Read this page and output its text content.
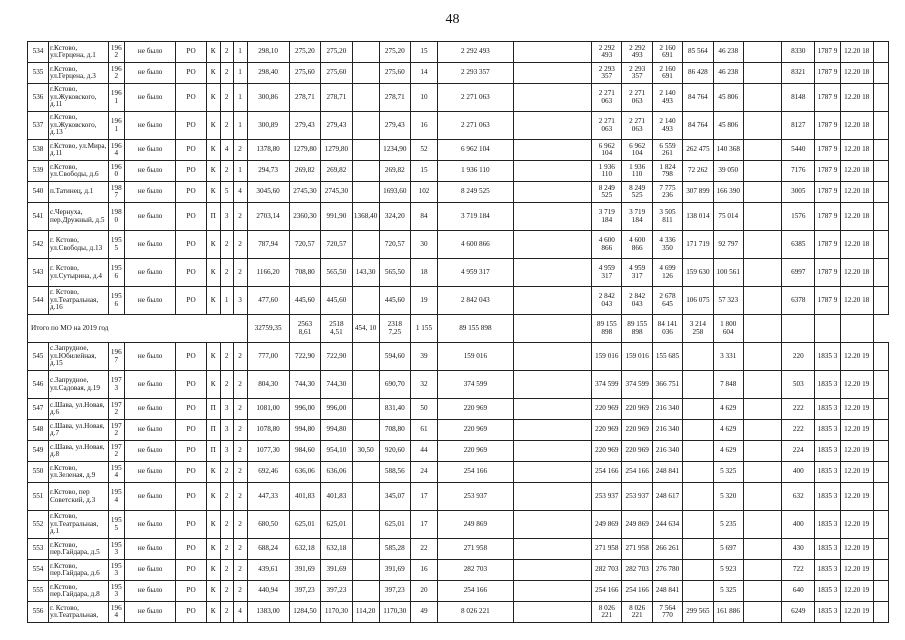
48
534	г.Кстово, ул.Герцена, д.1	1962	не было	РО	К	2	1	298,10	275,20	275,20		275,20	15	2 292 493		2 292 493	2 292 493	2 160 691	85 564	46 238		8330	1787 9	12.20 18	
535	г.Кстово, ул.Герцена, д.3	1962	не было	РО	К	2	1	298,40	275,60	275,60		275,60	14	2 293 357		2 293 357	2 293 357	2 160 691	86 428	46 238		8321	1787 9	12.20 18	
536	г.Кстово, ул.Жуковского, д.11	1961	не было	РО	К	2	1	300,86	278,71	278,71		278,71	10	2 271 063		2 271 063	2 271 063	2 140 493	84 764	45 806		8148	1787 9	12.20 18	
537	г.Кстово, ул.Жуковского, д.13	1961	не было	РО	К	2	1	300,89	279,43	279,43		279,43	16	2 271 063		2 271 063	2 271 063	2 140 493	84 764	45 806		8127	1787 9	12.20 18	
538	г.Кстово, ул.Мира, д.11	1964	не было	РО	К	4	2	1378,80	1279,80	1279,80		1234,90	52	6 962 104		6 962 104	6 962 104	6 559 261	262 475	140 368		5440	1787 9	12.20 18	
539	г.Кстово, ул.Свободы, д.6	1960	не было	РО	К	2	1	294,73	269,82	269,82		269,82	15	1 936 110		1 936 110	1 936 110	1 824 798	72 262	39 050		7176	1787 9	12.20 18	
540	п.Татинец, д.1	1987	не было	РО	К	5	4	3045,60	2745,30	2745,30		1693,60	102	8 249 525		8 249 525	8 249 525	7 775 236	307 899	166 390		3005	1787 9	12.20 18	
541	с.Чернуха, пер.Дружный, д.5	1980	не было	РО	П	3	2	2703,14	2360,30	991,90	1368,40	324,20	84	3 719 184		3 719 184	3 719 184	3 505 811	138 014	75 014		1576	1787 9	12.20 18	
542	г. Кстово, ул.Свободы, д.13	1955	не было	РО	К	2	2	787,94	720,57	720,57		720,57	30	4 600 866		4 600 866	4 600 866	4 336 350	171 719	92 797		6385	1787 9	12.20 18	
543	г. Кстово, ул.Сутырина, д.4	1956	не было	РО	К	2	2	1166,20	708,80	565,50	143,30	565,50	18	4 959 317		4 959 317	4 959 317	4 699 126	159 630	100 561		6997	1787 9	12.20 18	
544	г. Кстово, ул.Театральная, д.16	1956	не было	РО	К	1	3	477,60	445,60	445,60		445,60	19	2 842 043		2 842 043	2 842 043	2 678 645	106 075	57 323		6378	1787 9	12.20 18	
Итого по МО на 2019 год								32759,35	2563 8,61	2518 4,51	454, 10	2318 7,25	1 155	89 155 898		89 155 898	89 155 898	84 141 036	3 214 258	1 800 604					
545	с.Запрудное, ул.Юбилейная, д.15	1967	не было	РО	К	2	2	777,00	722,90	722,90		594,60	39	159 016		159 016	159 016	155 685		3 331		220	1835 3	12.20 19	
546	с.Запрудное, ул.Садовая, д.19	1973	не было	РО	К	2	2	804,30	744,30	744,30		690,70	32	374 599		374 599	374 599	366 751		7 848		503	1835 3	12.20 19	
547	с.Шава, ул.Новая, д.6	1972	не было	РО	П	3	2	1081,00	996,00	996,00		831,40	50	220 969		220 969	220 969	216 340		4 629		222	1835 3	12.20 19	
548	с.Шава, ул.Новая, д.7	1972	не было	РО	П	3	2	1078,80	994,80	994,80		708,80	61	220 969		220 969	220 969	216 340		4 629		222	1835 3	12.20 19	
549	с.Шава, ул.Новая, д.8	1972	не было	РО	П	3	2	1077,30	984,60	954,10	30,50	920,60	44	220 969		220 969	220 969	216 340		4 629		224	1835 3	12.20 19	
550	г.Кстово, ул.Зеленая, д.9	1954	не было	РО	К	2	2	692,46	636,06	636,06		588,56	24	254 166		254 166	254 166	248 841		5 325		400	1835 3	12.20 19	
551	г.Кстово, пер Советский, д.3	1954	не было	РО	К	2	2	447,33	401,83	401,83		345,07	17	253 937		253 937	253 937	248 617		5 320		632	1835 3	12.20 19	
552	г.Кстово, ул.Театральная, д.1	1955	не было	РО	К	2	2	680,50	625,01	625,01		625,01	17	249 869		249 869	249 869	244 634		5 235		400	1835 3	12.20 19	
553	г.Кстово, пер.Гайдара, д.5	1953	не было	РО	К	2	2	688,24	632,18	632,18		585,28	22	271 958		271 958	271 958	266 261		5 697		430	1835 3	12.20 19	
554	г.Кстово, пер.Гайдара, д.6	1953	не было	РО	К	2	2	439,61	391,69	391,69		391,69	16	282 703		282 703	282 703	276 780		5 923		722	1835 3	12.20 19	
555	г.Кстово, пер.Гайдара, д.8	1953	не было	РО	К	2	2	440,94	397,23	397,23		397,23	20	254 166		254 166	254 166	248 841		5 325		640	1835 3	12.20 19	
556	г. Кстово, ул.Театральная,	1964	не было	РО	К	2	4	1383,00	1284,50	1170,30	114,20	1170,30	49	8 026 221		8 026 221	8 026 221	7 564 770	299 565	161 886		6249	1835 3	12.20 19	
